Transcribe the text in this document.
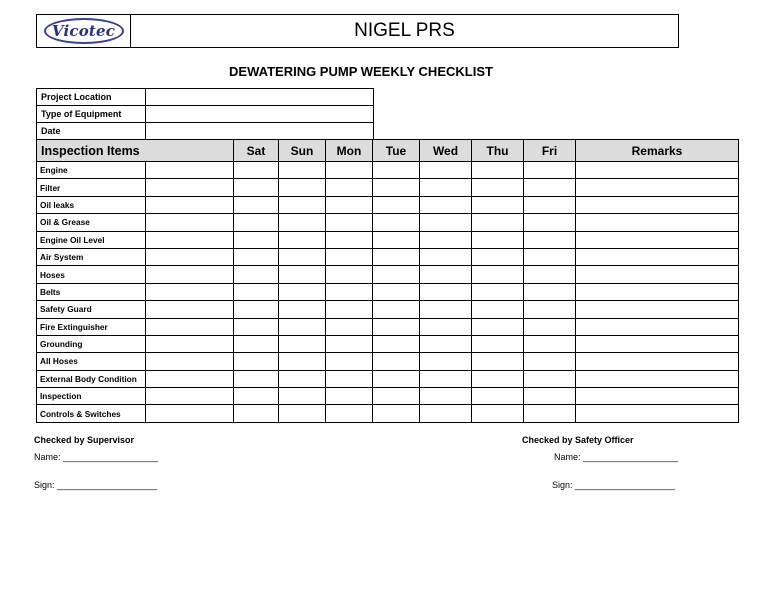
Vicotec	NIGEL PRS
DEWATERING PUMP WEEKLY CHECKLIST
Project Location	
Type of Equipment	
Date	
Inspection Items		Sat	Sun	Mon	Tue	Wed	Thu	Fri	Remarks
Engine									
Filter									
Oil leaks									
Oil & Grease									
Engine Oil Level									
Air System									
Hoses									
Belts									
Safety Guard									
Fire Extinguisher									
Grounding									
All Hoses									
External Body Condition									
Inspection									
Controls & Switches									
Checked by Supervisor
Name: ___________________
Sign: ____________________
Checked by Safety Officer
Name: ___________________
Sign: ____________________
